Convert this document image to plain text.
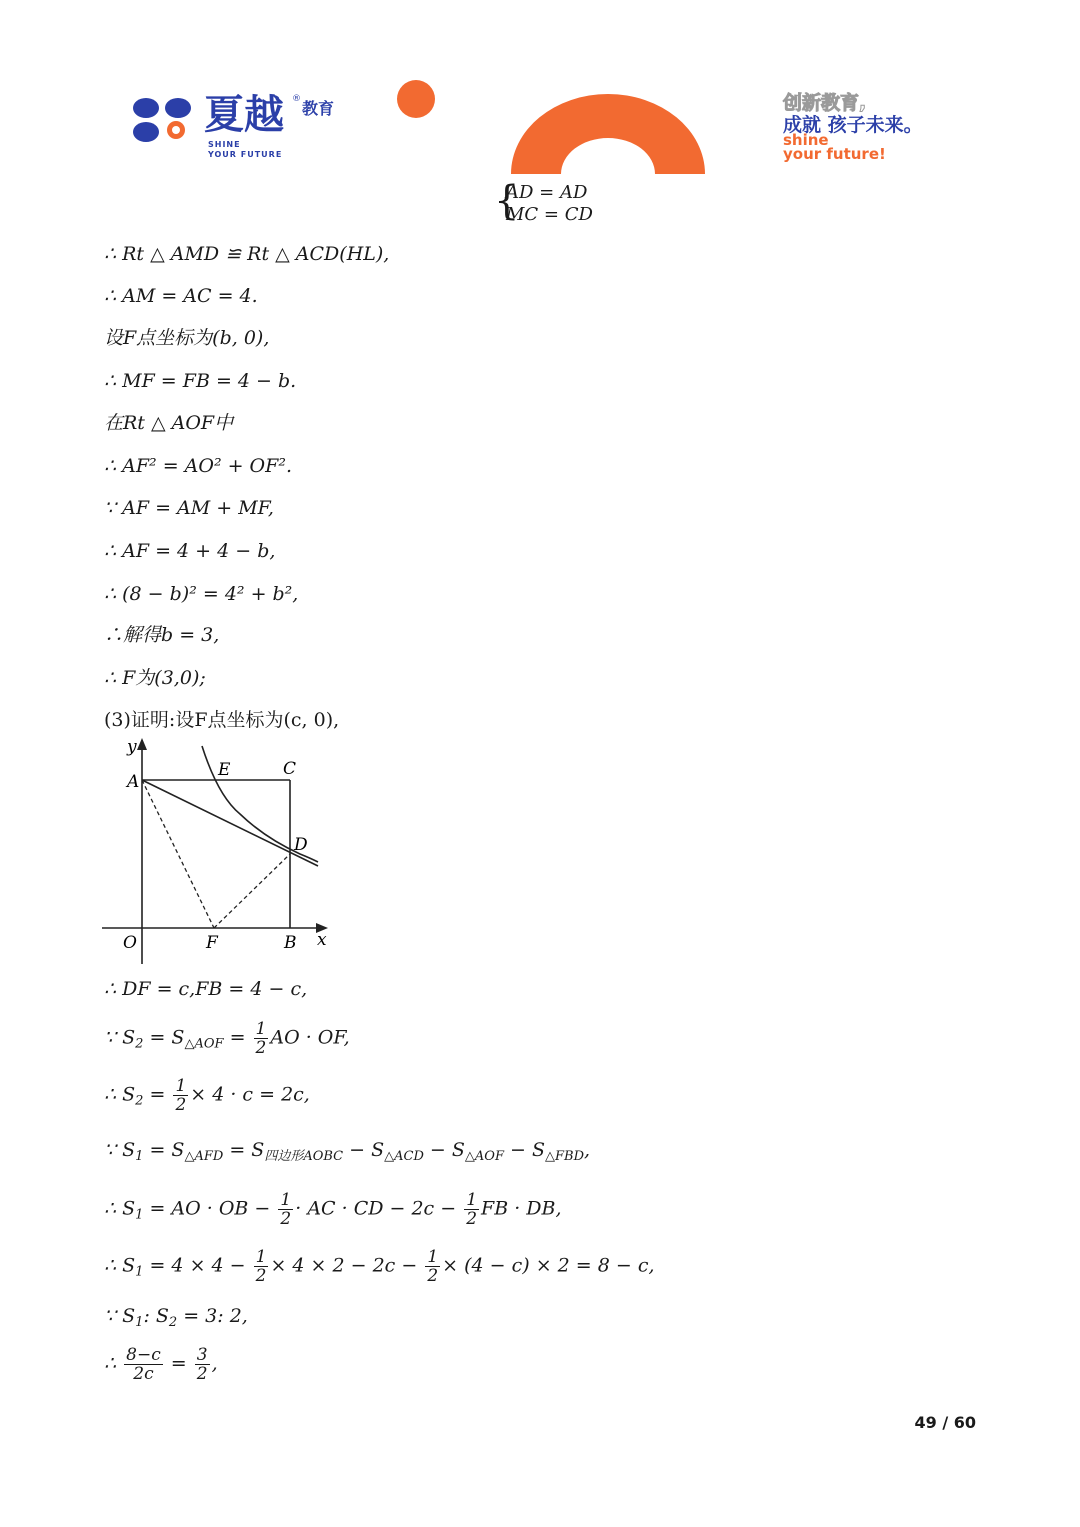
夏越 ® 教育
SHINE
YOUR FUTURE
创新教育,
成就 孩子未来。
shine
your future!
{
AD = AD
MC = CD
∴ Rt △ AMD ≌ Rt △ ACD(HL),
∴ AM = AC = 4.
设F点坐标为(b, 0),
∴ MF = FB = 4 − b.
在Rt △ AOF中
∴ AF² = AO² + OF².
∵ AF = AM + MF,
∴ AF = 4 + 4 − b,
∴ (8 − b)² = 4² + b²,
∴解得b = 3,
∴ F为(3,0);
(3)证明:设F点坐标为(c, 0),
y
A
E	C
D
O	F	B x
∴ DF = c,FB = 4 − c,
∵ $S_2 = S_{\triangle AOF} = \frac{1}{2}$ AO · OF,
∴ $S_2 = \frac{1}{2} \times 4 \cdot c = 2c$,
∵ $S_1 = S_{\triangle AFD} = S_{四边形AOBC} - S_{\triangle ACD} - S_{\triangle AOF} - S_{\triangle FBD}$,
∴ $S_1$ = AO · OB − $\frac{1}{2}$ · AC · CD − $2c - \frac{1}{2}$ FB · DB,
∴ $S_1 = 4 \times 4 - \frac{1}{2} \times 4 \times 2 - 2c - \frac{1}{2} \times (4 - c) \times 2 = 8 - c$,
∵ $S_1$: $S_2 = 3$: 2,
∴ $\frac{8-c}{2c} = \frac{3}{2}$ ,
49 / 60
